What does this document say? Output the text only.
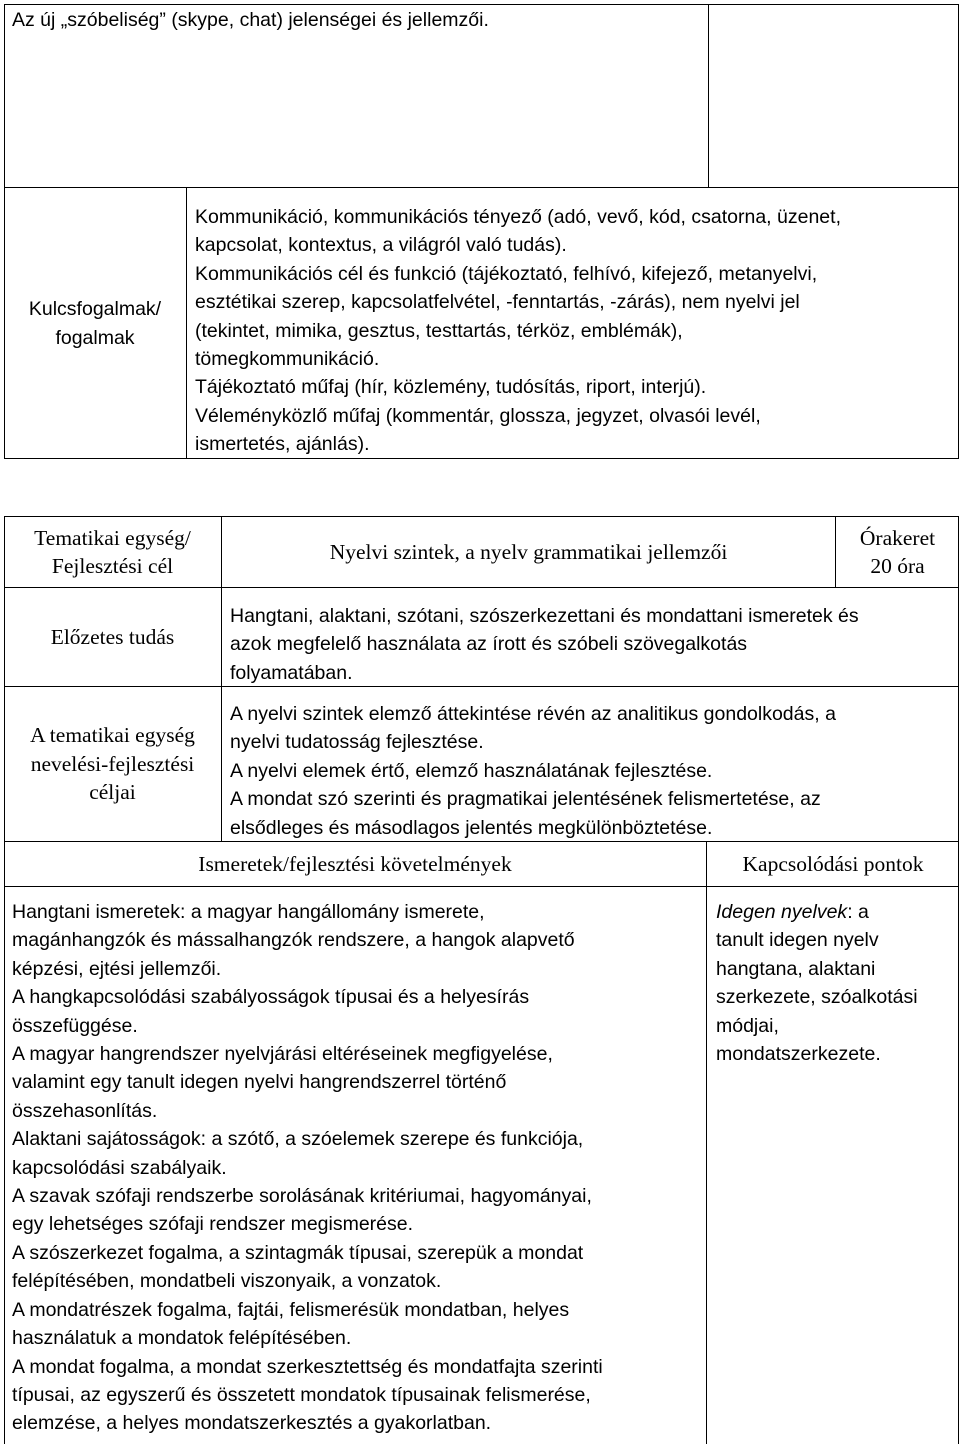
Az új „szóbeliség” (skype, chat) jelenségei és jellemzői.
Kulcsfogalmak/
fogalmak
Kommunikáció, kommunikációs tényező (adó, vevő, kód, csatorna, üzenet,
kapcsolat, kontextus, a világról való tudás).
Kommunikációs cél és funkció (tájékoztató, felhívó, kifejező, metanyelvi,
esztétikai szerep, kapcsolatfelvétel, -fenntartás, -zárás), nem nyelvi jel
(tekintet, mimika, gesztus, testtartás, térköz, emblémák),
tömegkommunikáció.
Tájékoztató műfaj (hír, közlemény, tudósítás, riport, interjú).
Véleményközlő műfaj (kommentár, glossza, jegyzet, olvasói levél,
ismertetés, ajánlás).
Tematikai egység/
Fejlesztési cél
Nyelvi szintek, a nyelv grammatikai jellemzői
Órakeret
20 óra
Előzetes tudás
Hangtani, alaktani, szótani, szószerkezettani és mondattani ismeretek és
azok megfelelő használata az írott és szóbeli szövegalkotás
folyamatában.
A tematikai egység
nevelési-fejlesztési
céljai
A nyelvi szintek elemző áttekintése révén az analitikus gondolkodás, a
nyelvi tudatosság fejlesztése.
A nyelvi elemek értő, elemző használatának fejlesztése.
A mondat szó szerinti és pragmatikai jelentésének felismertetése, az
elsődleges és másodlagos jelentés megkülönböztetése.
Ismeretek/fejlesztési követelmények	Kapcsolódási pontok
Hangtani ismeretek: a magyar hangállomány ismerete,
magánhangzók és mássalhangzók rendszere, a hangok alapvető
képzési, ejtési jellemzői.
A hangkapcsolódási szabályosságok típusai és a helyesírás
összefüggése.
A magyar hangrendszer nyelvjárási eltéréseinek megfigyelése,
valamint egy tanult idegen nyelvi hangrendszerrel történő
összehasonlítás.
Alaktani sajátosságok: a szótő, a szóelemek szerepe és funkciója,
kapcsolódási szabályaik.
A szavak szófaji rendszerbe sorolásának kritériumai, hagyományai,
egy lehetséges szófaji rendszer megismerése.
A szószerkezet fogalma, a szintagmák típusai, szerepük a mondat
felépítésében, mondatbeli viszonyaik, a vonzatok.
A mondatrészek fogalma, fajtái, felismerésük mondatban, helyes
használatuk a mondatok felépítésében.
A mondat fogalma, a mondat szerkesztettség és mondatfajta szerinti
típusai, az egyszerű és összetett mondatok típusainak felismerése,
elemzése, a helyes mondatszerkesztés a gyakorlatban.
Idegen nyelvek: a
tanult idegen nyelv
hangtana, alaktani
szerkezete, szóalkotási
módjai,
mondatszerkezete.
